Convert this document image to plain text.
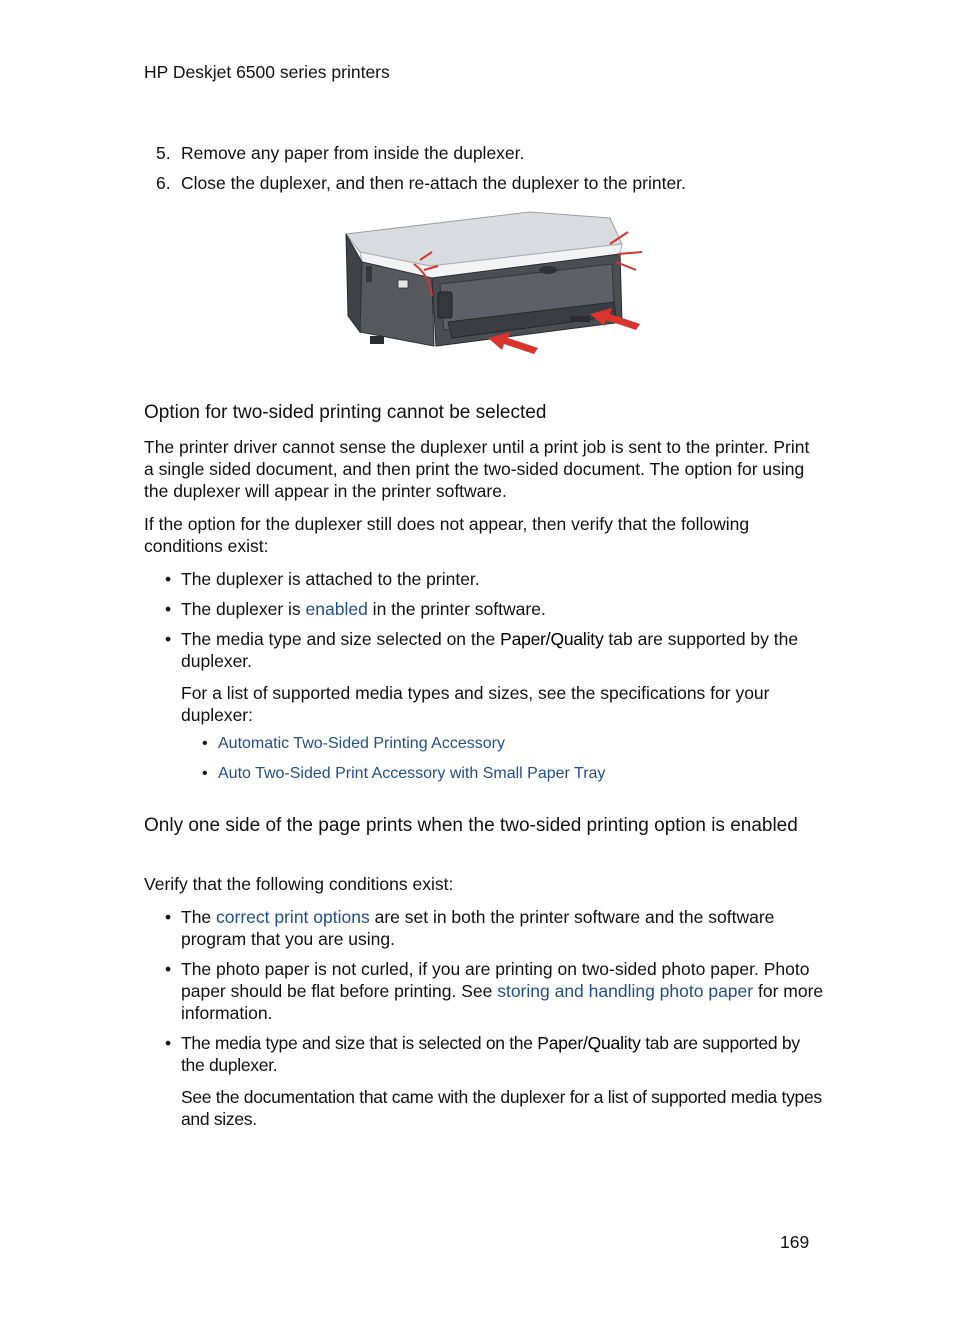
HP Deskjet 6500 series printers
5. Remove any paper from inside the duplexer.
6. Close the duplexer, and then re-attach the duplexer to the printer.
Option for two-sided printing cannot be selected

The printer driver cannot sense the duplexer until a print job is sent to the printer. Print a single sided document, and then print the two-sided document. The option for using the duplexer will appear in the printer software.

If the option for the duplexer still does not appear, then verify that the following conditions exist:

• The duplexer is attached to the printer.
• The duplexer is enabled in the printer software.
• The media type and size selected on the Paper/Quality tab are supported by the duplexer.

For a list of supported media types and sizes, see the specifications for your duplexer:

• Automatic Two-Sided Printing Accessory
• Auto Two-Sided Print Accessory with Small Paper Tray
Only one side of the page prints when the two-sided printing option is enabled

Verify that the following conditions exist:

• The correct print options are set in both the printer software and the software program that you are using.
• The photo paper is not curled, if you are printing on two-sided photo paper. Photo paper should be flat before printing. See storing and handling photo paper for more information.
• The media type and size that is selected on the Paper/Quality tab are supported by the duplexer.

See the documentation that came with the duplexer for a list of supported media types and sizes.

169
